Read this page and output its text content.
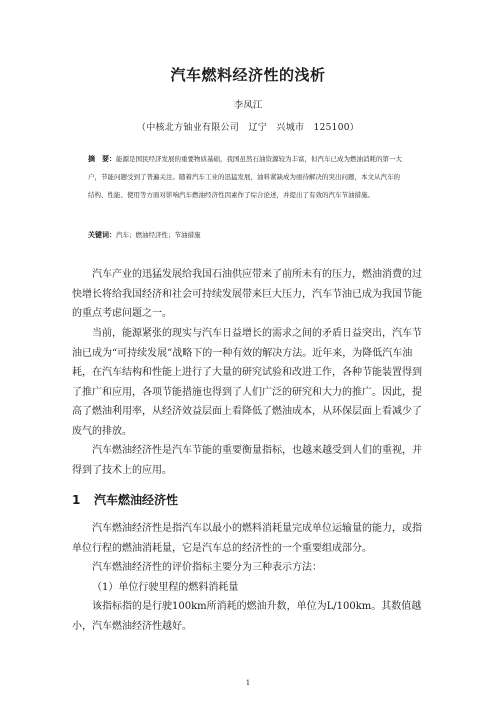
汽车燃料经济性的浅析
李凤江
（中核北方铀业有限公司　辽宁　兴城市　125100）
摘　要：能源是国民经济发展的重要物质基础，我国虽然石油资源较为丰富，但汽车已成为燃油消耗的第一大户，节能问题受到了普遍关注。随着汽车工业的迅猛发展，油料紧缺成为亟待解决的突出问题，本文从汽车的结构、性能、使用等方面对影响汽车燃油经济性因素作了综合论述，并提出了有效的汽车节油措施。
关键词：汽车；燃油经济性；节油措施

汽车产业的迅猛发展给我国石油供应带来了前所未有的压力，燃油消费的过快增长将给我国经济和社会可持续发展带来巨大压力，汽车节油已成为我国节能的重点考虑问题之一。

当前，能源紧张的现实与汽车日益增长的需求之间的矛盾日益突出，汽车节油已成为“可持续发展”战略下的一种有效的解决方法。近年来，为降低汽车油耗，在汽车结构和性能上进行了大量的研究试验和改进工作，各种节能装置得到了推广和应用，各项节能措施也得到了人们广泛的研究和大力的推广。因此，提高了燃油利用率，从经济效益层面上看降低了燃油成本，从环保层面上看减少了废气的排放。

汽车燃油经济性是汽车节能的重要衡量指标，也越来越受到人们的重视，并得到了技术上的应用。

1 汽车燃油经济性

汽车燃油经济性是指汽车以最小的燃料消耗量完成单位运输量的能力，或指单位行程的燃油消耗量，它是汽车总的经济性的一个重要组成部分。

汽车燃油经济性的评价指标主要分为三种表示方法：

（1）单位行驶里程的燃料消耗量

该指标指的是行驶100km所消耗的燃油升数，单位为L/100km。其数值越小，汽车燃油经济性越好。

1
